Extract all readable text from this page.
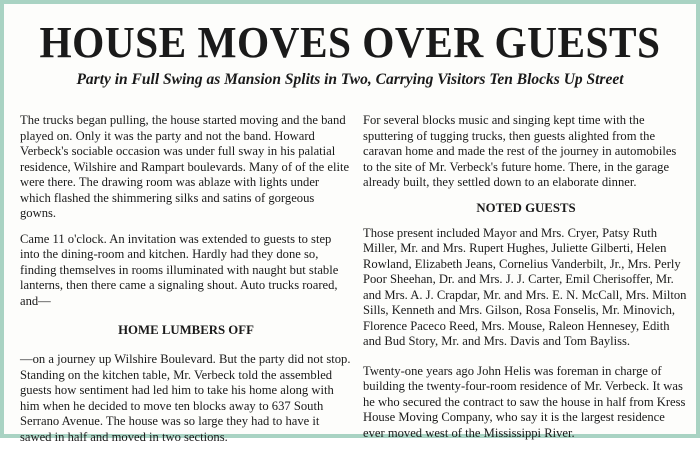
HOUSE MOVES OVER GUESTS
Party in Full Swing as Mansion Splits in Two, Carrying Visitors Ten Blocks Up Street

The trucks began pulling, the house started moving and the band played on. Only it was the party and not the band. Howard Verbeck's sociable occasion was under full sway in his palatial residence, Wilshire and Rampart boulevards. Many of of the elite were there. The drawing room was ablaze with lights under which flashed the shimmering silks and satins of gorgeous gowns.

Came 11 o'clock. An invitation was extended to guests to step into the dining-room and kitchen. Hardly had they done so, finding themselves in rooms illuminated with naught but stable lanterns, then there came a signaling shout. Auto trucks roared, and—

HOME LUMBERS OFF

—on a journey up Wilshire Boulevard. But the party did not stop. Standing on the kitchen table, Mr. Verbeck told the assembled guests how sentiment had led him to take his home along with him when he decided to move ten blocks away to 637 South Serrano Avenue. The house was so large they had to have it sawed in half and moved in two sections.

For several blocks music and singing kept time with the sputtering of tugging trucks, then guests alighted from the caravan home and made the rest of the journey in automobiles to the site of Mr. Verbeck's future home. There, in the garage already built, they settled down to an elaborate dinner.

NOTED GUESTS

Those present included Mayor and Mrs. Cryer, Patsy Ruth Miller, Mr. and Mrs. Rupert Hughes, Juliette Gilberti, Helen Rowland, Elizabeth Jeans, Cornelius Vanderbilt, Jr., Mrs. Perly Poor Sheehan, Dr. and Mrs. J. J. Carter, Emil Cherisoffer, Mr. and Mrs. A. J. Crapdar, Mr. and Mrs. E. N. McCall, Mrs. Milton Sills, Kenneth and Mrs. Gilson, Rosa Fonselis, Mr. Minovich, Florence Paceco Reed, Mrs. Mouse, Raleon Hennesey, Edith and Bud Story, Mr. and Mrs. Davis and Tom Bayliss.

Twenty-one years ago John Helis was foreman in charge of building the twenty-four-room residence of Mr. Verbeck. It was he who secured the contract to saw the house in half from Kress House Moving Company, who say it is the largest residence ever moved west of the Mississippi River.
